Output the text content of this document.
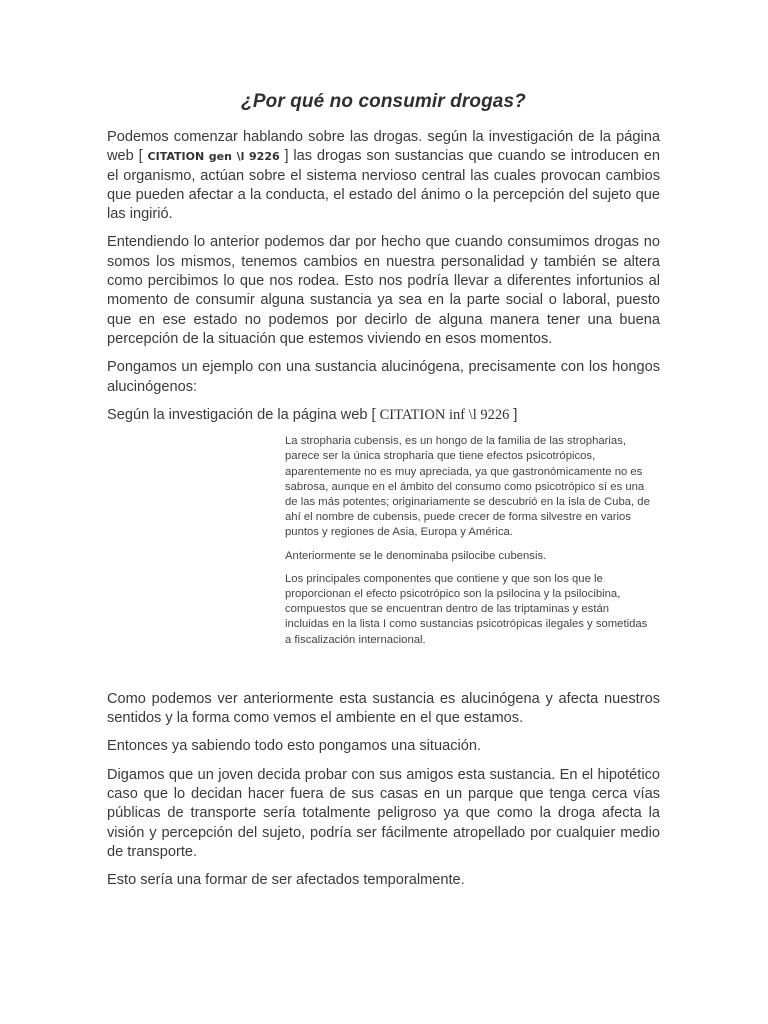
¿Por qué no consumir drogas?

Podemos comenzar hablando sobre las drogas. según la investigación de la página web [ CITATION gen \l 9226 ] las drogas son sustancias que cuando se introducen en el organismo, actúan sobre el sistema nervioso central las cuales provocan cambios que pueden afectar a la conducta, el estado del ánimo o la percepción del sujeto que las ingirió.

Entendiendo lo anterior podemos dar por hecho que cuando consumimos drogas no somos los mismos, tenemos cambios en nuestra personalidad y también se altera como percibimos lo que nos rodea. Esto nos podría llevar a diferentes infortunios al momento de consumir alguna sustancia ya sea en la parte social o laboral, puesto que en ese estado no podemos por decirlo de alguna manera tener una buena percepción de la situación que estemos viviendo en esos momentos.

Pongamos un ejemplo con una sustancia alucinógena, precisamente con los hongos alucinógenos:

Según la investigación de la página web [ CITATION inf \l 9226 ]

La stropharia cubensis, es un hongo de la familia de las stropharias, parece ser la única stropharia que tiene efectos psicotrópicos, aparentemente no es muy apreciada, ya que gastronómicamente no es sabrosa, aunque en el ámbito del consumo como psicotrópico sí es una de las más potentes; originariamente se descubrió en la isla de Cuba, de ahí el nombre de cubensis, puede crecer de forma silvestre en varios puntos y regiones de Asia, Europa y América.

Anteriormente se le denominaba psilocibe cubensis.

Los principales componentes que contiene y que son los que le proporcionan el efecto psicotrópico son la psilocina y la psilocibina, compuestos que se encuentran dentro de las triptaminas y están incluidas en la lista I como sustancias psicotrópicas ilegales y sometidas a fiscalización internacional.

Como podemos ver anteriormente esta sustancia es alucinógena y afecta nuestros sentidos y la forma como vemos el ambiente en el que estamos.

Entonces ya sabiendo todo esto pongamos una situación.

Digamos que un joven decida probar con sus amigos esta sustancia. En el hipotético caso que lo decidan hacer fuera de sus casas en un parque que tenga cerca vías públicas de transporte sería totalmente peligroso ya que como la droga afecta la visión y percepción del sujeto, podría ser fácilmente atropellado por cualquier medio de transporte.

Esto sería una formar de ser afectados temporalmente.
